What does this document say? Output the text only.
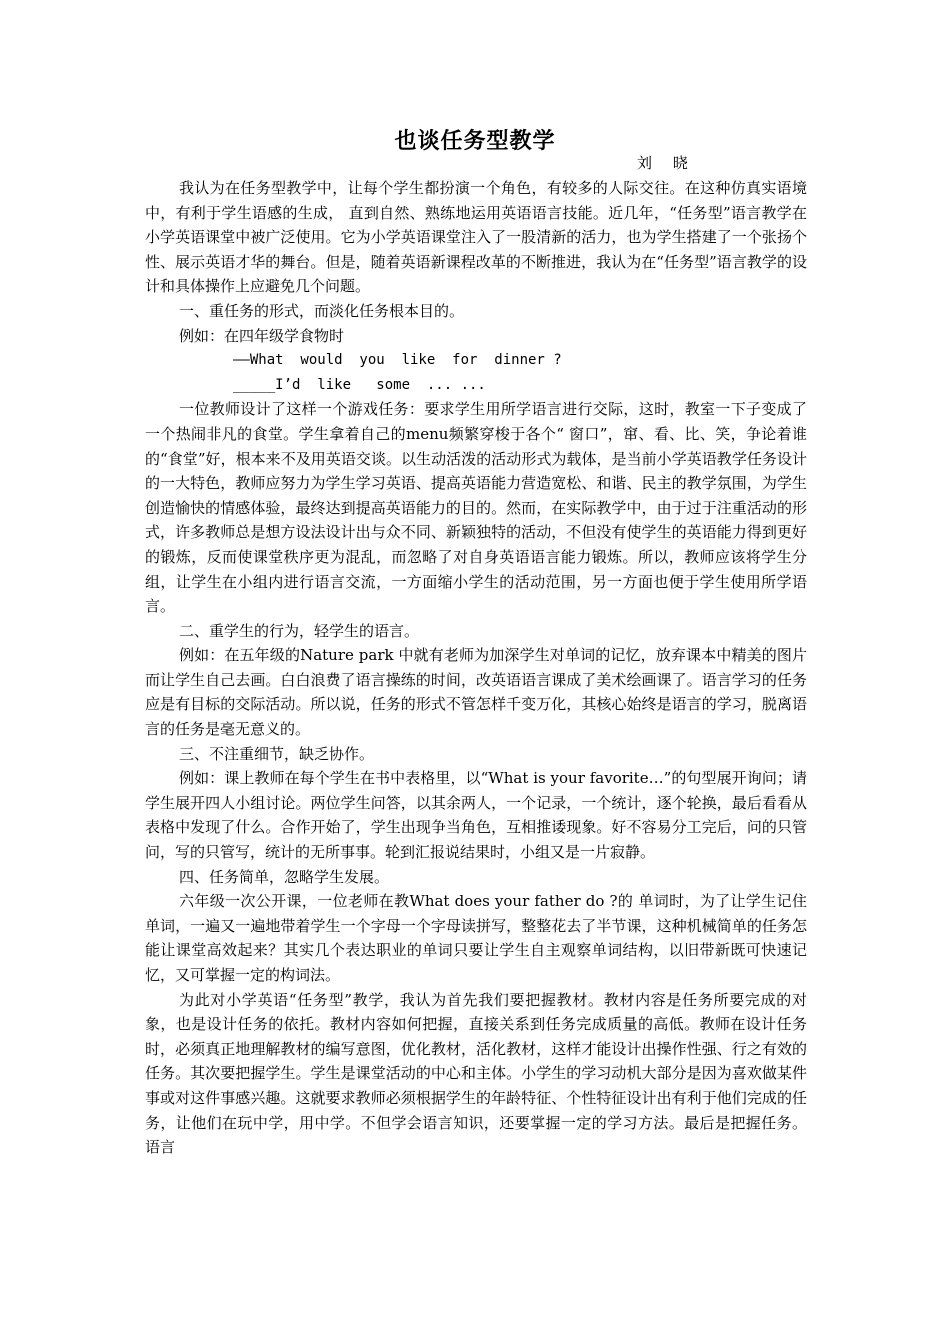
也谈任务型教学
刘 晓

我认为在任务型教学中，让每个学生都扮演一个角色，有较多的人际交往。在这种仿真实语境中，有利于学生语感的生成， 直到自然、熟练地运用英语语言技能。近几年，“任务型”语言教学在小学英语课堂中被广泛使用。它为小学英语课堂注入了一股清新的活力，也为学生搭建了一个张扬个性、展示英语才华的舞台。但是，随着英语新课程改革的不断推进，我认为在“任务型”语言教学的设计和具体操作上应避免几个问题。

一、重任务的形式，而淡化任务根本目的。

例如：在四年级学食物时

——What  would  you  like  for  dinner ?

_____I’d  like   some  ... ...

一位教师设计了这样一个游戏任务：要求学生用所学语言进行交际，这时，教室一下子变成了一个热闹非凡的食堂。学生拿着自己的menu频繁穿梭于各个“ 窗口”，窜、看、比、笑，争论着谁的“食堂”好，根本来不及用英语交谈。以生动活泼的活动形式为载体，是当前小学英语教学任务设计的一大特色，教师应努力为学生学习英语、提高英语能力营造宽松、和谐、民主的教学氛围，为学生创造愉快的情感体验，最终达到提高英语能力的目的。然而，在实际教学中，由于过于注重活动的形式，许多教师总是想方设法设计出与众不同、新颖独特的活动，不但没有使学生的英语能力得到更好的锻炼，反而使课堂秩序更为混乱，而忽略了对自身英语语言能力锻炼。所以，教师应该将学生分组，让学生在小组内进行语言交流，一方面缩小学生的活动范围，另一方面也便于学生使用所学语言。

二、重学生的行为，轻学生的语言。

例如：在五年级的Nature park 中就有老师为加深学生对单词的记忆，放弃课本中精美的图片而让学生自己去画。白白浪费了语言操练的时间，改英语语言课成了美术绘画课了。语言学习的任务应是有目标的交际活动。所以说，任务的形式不管怎样千变万化，其核心始终是语言的学习，脱离语言的任务是毫无意义的。

三、不注重细节，缺乏协作。

例如：课上教师在每个学生在书中表格里，以“What is your favorite…”的句型展开询问；请学生展开四人小组讨论。两位学生问答，以其余两人，一个记录，一个统计，逐个轮换，最后看看从表格中发现了什么。合作开始了，学生出现争当角色，互相推诿现象。好不容易分工完后，问的只管问，写的只管写，统计的无所事事。轮到汇报说结果时，小组又是一片寂静。

四、任务简单，忽略学生发展。

六年级一次公开课，一位老师在教What does your father do ?的 单词时，为了让学生记住单词，一遍又一遍地带着学生一个字母一个字母读拼写，整整花去了半节课，这种机械简单的任务怎能让课堂高效起来？其实几个表达职业的单词只要让学生自主观察单词结构，以旧带新既可快速记忆，又可掌握一定的构词法。

为此对小学英语“任务型”教学，我认为首先我们要把握教材。教材内容是任务所要完成的对象，也是设计任务的依托。教材内容如何把握，直接关系到任务完成质量的高低。教师在设计任务时，必须真正地理解教材的编写意图，优化教材，活化教材，这样才能设计出操作性强、行之有效的任务。其次要把握学生。学生是课堂活动的中心和主体。小学生的学习动机大部分是因为喜欢做某件事或对这件事感兴趣。这就要求教师必须根据学生的年龄特征、个性特征设计出有利于他们完成的任务，让他们在玩中学，用中学。不但学会语言知识，还要掌握一定的学习方法。最后是把握任务。 语言
